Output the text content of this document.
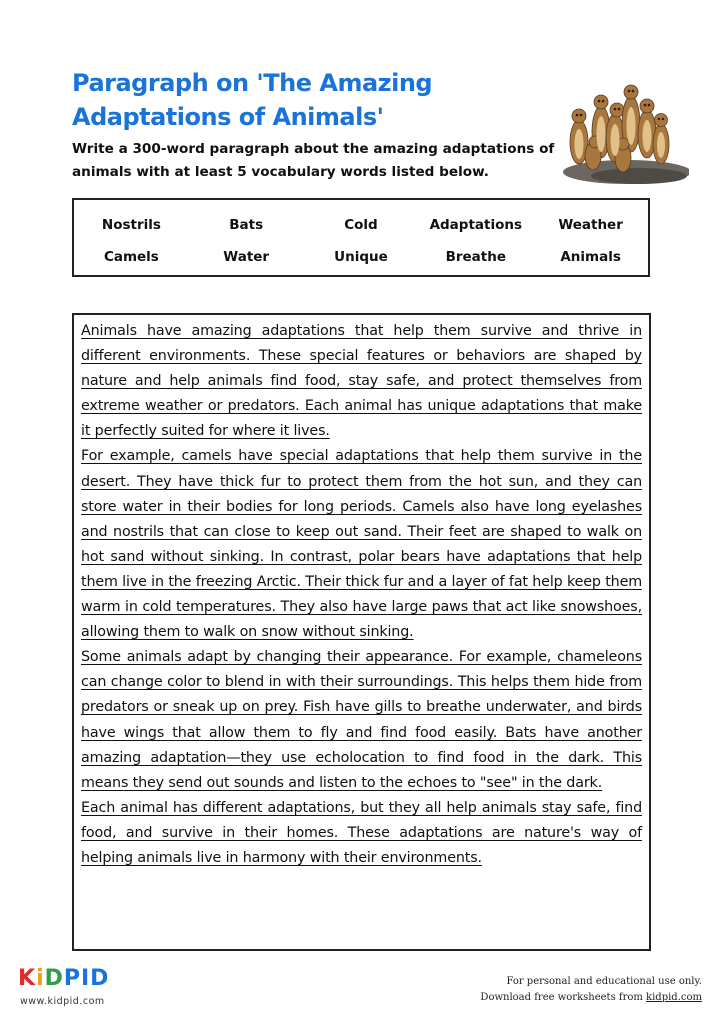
Paragraph on 'The Amazing Adaptations of Animals'
Write a 300-word paragraph about the amazing adaptations of animals with at least 5 vocabulary words listed below.
Nostrils	Bats	Cold	Adaptations	Weather
Camels	Water	Unique	Breathe	Animals

Animals have amazing adaptations that help them survive and thrive in different environments. These special features or behaviors are shaped by nature and help animals find food, stay safe, and protect themselves from extreme weather or predators. Each animal has unique adaptations that make it perfectly suited for where it lives.

For example, camels have special adaptations that help them survive in the desert. They have thick fur to protect them from the hot sun, and they can store water in their bodies for long periods. Camels also have long eyelashes and nostrils that can close to keep out sand. Their feet are shaped to walk on hot sand without sinking. In contrast, polar bears have adaptations that help them live in the freezing Arctic. Their thick fur and a layer of fat help keep them warm in cold temperatures. They also have large paws that act like snowshoes, allowing them to walk on snow without sinking.

Some animals adapt by changing their appearance. For example, chameleons can change color to blend in with their surroundings. This helps them hide from predators or sneak up on prey. Fish have gills to breathe underwater, and birds have wings that allow them to fly and find food easily. Bats have another amazing adaptation—they use echolocation to find food in the dark. This means they send out sounds and listen to the echoes to "see" in the dark.

Each animal has different adaptations, but they all help animals stay safe, find food, and survive in their homes. These adaptations are nature's way of helping animals live in harmony with their environments.

KiDPID
www.kidpid.com
For personal and educational use only.
Download free worksheets from kidpid.com
